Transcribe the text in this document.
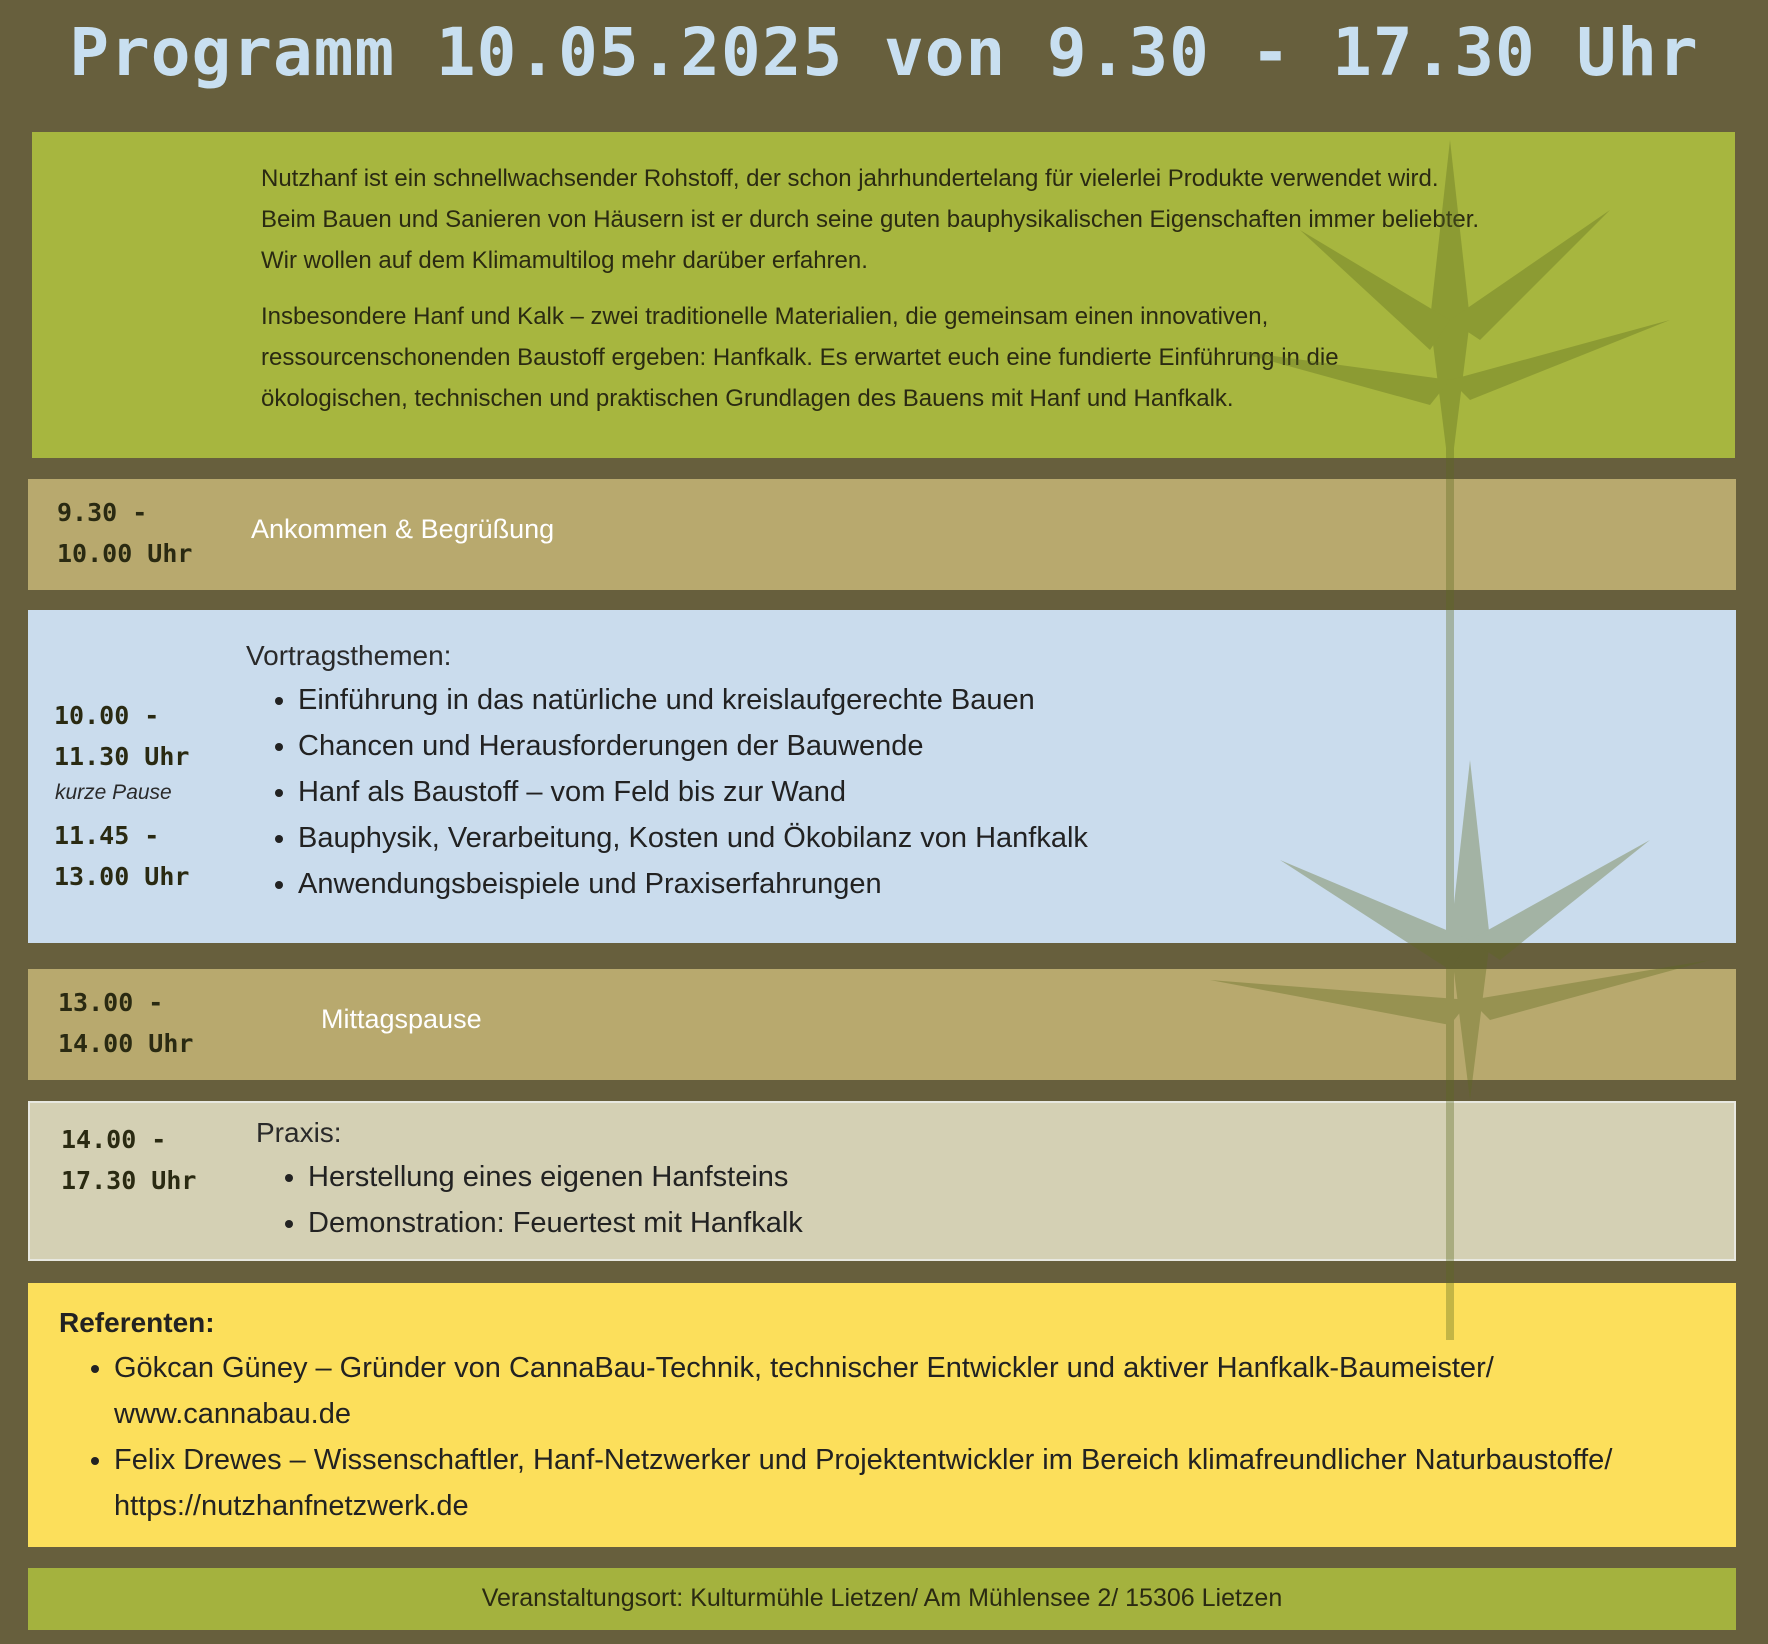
Programm 10.05.2025 von 9.30 - 17.30 Uhr

Nutzhanf ist ein schnellwachsender Rohstoff, der schon jahrhundertelang für vielerlei Produkte verwendet wird. Beim Bauen und Sanieren von Häusern ist er durch seine guten bauphysikalischen Eigenschaften immer beliebter. Wir wollen auf dem Klimamultilog mehr darüber erfahren.

Insbesondere Hanf und Kalk – zwei traditionelle Materialien, die gemeinsam einen innovativen, ressourcenschonenden Baustoff ergeben: Hanfkalk. Es erwartet euch eine fundierte Einführung in die ökologischen, technischen und praktischen Grundlagen des Bauens mit Hanf und Hanfkalk.

9.30 -
10.00 Uhr
Ankommen & Begrüßung
Vortragsthemen:
• Einführung in das natürliche und kreislaufgerechte Bauen
• Chancen und Herausforderungen der Bauwende
• Hanf als Baustoff – vom Feld bis zur Wand
• Bauphysik, Verarbeitung, Kosten und Ökobilanz von Hanfkalk
• Anwendungsbeispiele und Praxiserfahrungen
10.00 -
11.30 Uhr
kurze Pause
11.45 -
13.00 Uhr
13.00 -
14.00 Uhr
Mittagspause
14.00 -
17.30 Uhr
Praxis:
• Herstellung eines eigenen Hanfsteins
• Demonstration: Feuertest mit Hanfkalk
Referenten:
• Gökcan Güney – Gründer von CannaBau-Technik, technischer Entwickler und aktiver Hanfkalk-Baumeister/ www.cannabau.de
• Felix Drewes – Wissenschaftler, Hanf-Netzwerker und Projektentwickler im Bereich klimafreundlicher Naturbaustoffe/ https://nutzhanfnetzwerk.de
Veranstaltungsort: Kulturmühle Lietzen/ Am Mühlensee 2/ 15306 Lietzen
